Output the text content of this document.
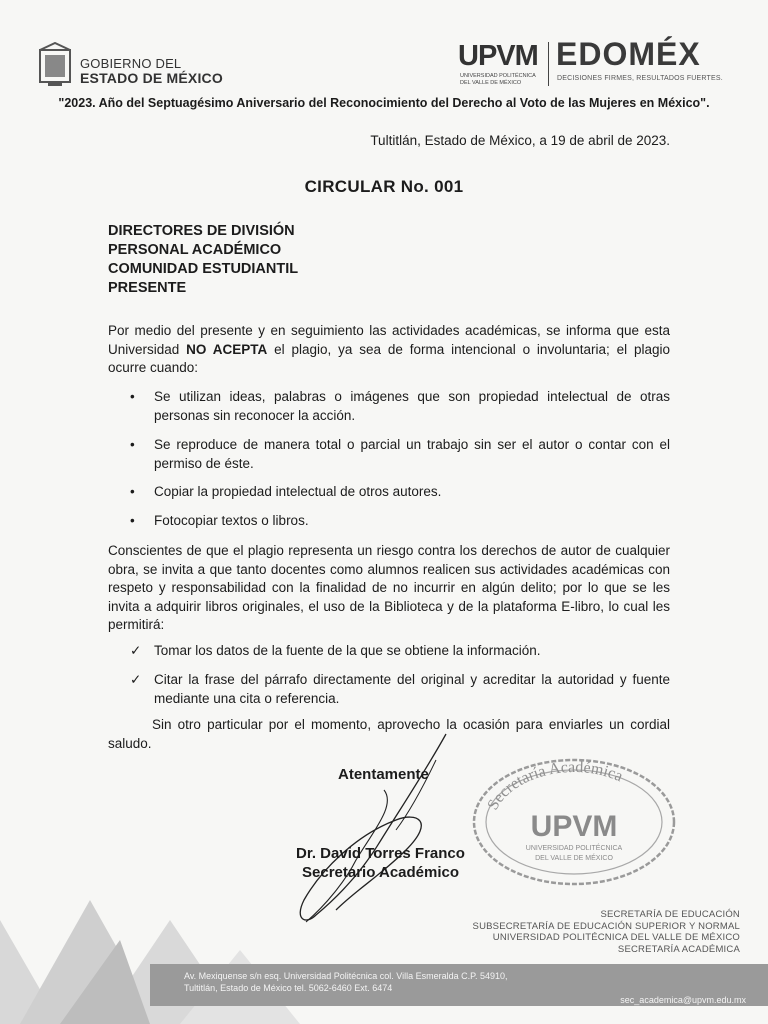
GOBIERNO DEL
ESTADO DE MÉXICO
UPVM
UNIVERSIDAD POLITÉCNICA
DEL VALLE DE MÉXICO
EDOMÉX
DECISIONES FIRMES, RESULTADOS FUERTES.
"2023. Año del Septuagésimo Aniversario del Reconocimiento del Derecho al Voto de las Mujeres en México".
Tultitlán, Estado de México, a 19 de abril de 2023.
CIRCULAR No. 001
DIRECTORES DE DIVISIÓN
PERSONAL ACADÉMICO
COMUNIDAD ESTUDIANTIL
PRESENTE
Por medio del presente y en seguimiento las actividades académicas, se informa que esta Universidad NO ACEPTA el plagio, ya sea de forma intencional o involuntaria; el plagio ocurre cuando:
•	Se utilizan ideas, palabras o imágenes que son propiedad intelectual de otras personas sin reconocer la acción.
•	Se reproduce de manera total o parcial un trabajo sin ser el autor o contar con el permiso de éste.
•	Copiar la propiedad intelectual de otros autores.
•	Fotocopiar textos o libros.
Conscientes de que el plagio representa un riesgo contra los derechos de autor de cualquier obra, se invita a que tanto docentes como alumnos realicen sus actividades académicas con respeto y responsabilidad con la finalidad de no incurrir en algún delito; por lo que se les invita a adquirir libros originales, el uso de la Biblioteca y de la plataforma E-libro, lo cual les permitirá:
✓ Tomar los datos de la fuente de la que se obtiene la información.
✓ Citar la frase del párrafo directamente del original y acreditar la autoridad y fuente mediante una cita o referencia.
Sin otro particular por el momento, aprovecho la ocasión para enviarles un cordial saludo.
Atentamente
Dr. David Torres Franco
Secretario Académico
Secretaría Académica
UPVM
UNIVERSIDAD POLITÉCNICA
DEL VALLE DE MÉXICO
SECRETARÍA DE EDUCACIÓN
SUBSECRETARÍA DE EDUCACIÓN SUPERIOR Y NORMAL
UNIVERSIDAD POLITÉCNICA DEL VALLE DE MÉXICO
SECRETARÍA ACADÉMICA
Av. Mexiquense s/n esq. Universidad Politécnica col. Villa Esmeralda C.P. 54910,
Tultitlán, Estado de México tel. 5062-6460 Ext. 6474
sec_academica@upvm.edu.mx
